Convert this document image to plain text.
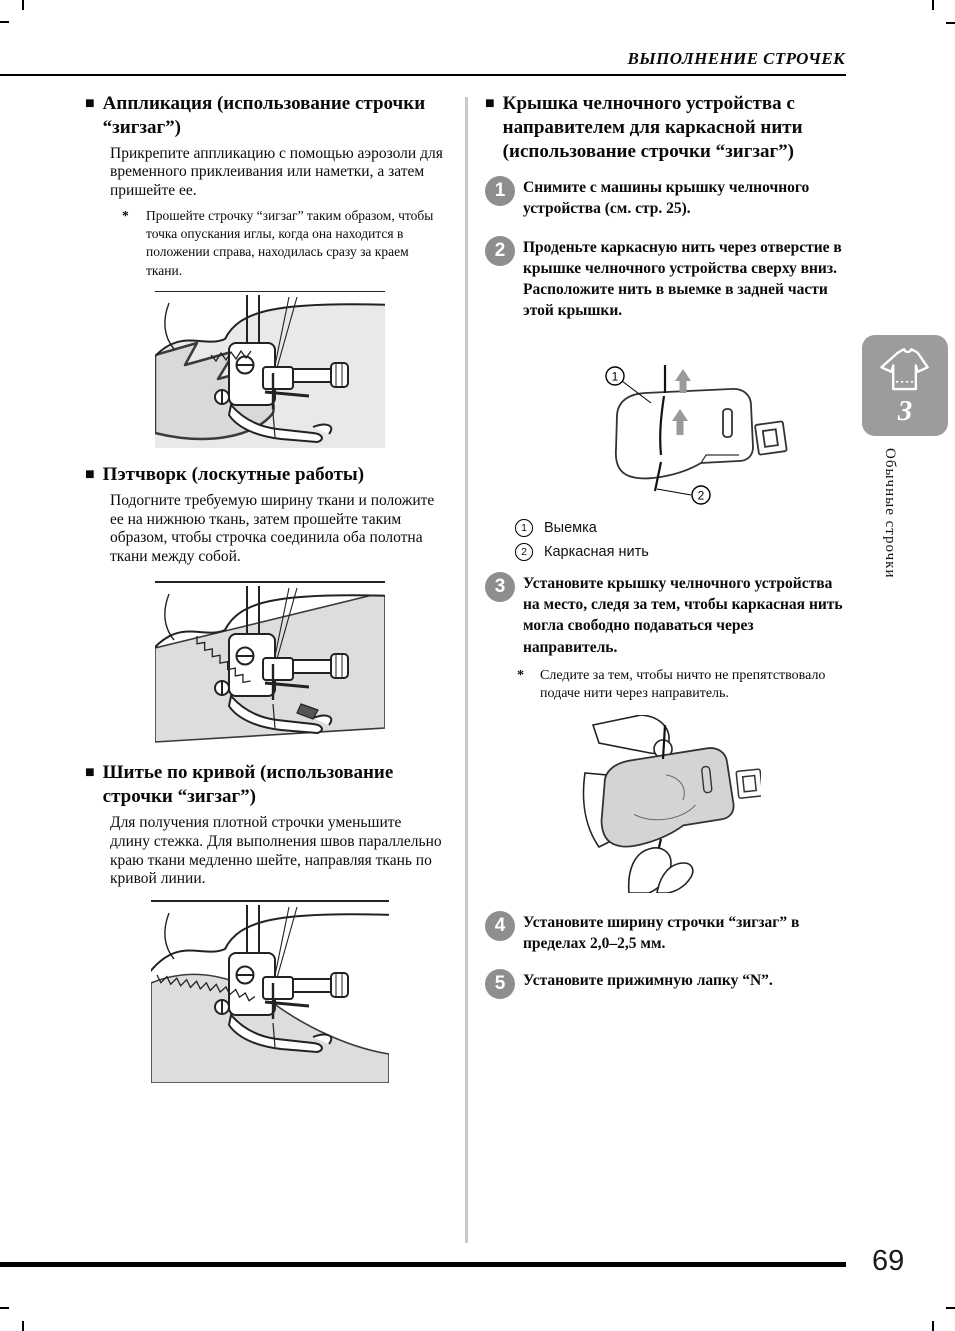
ВЫПОЛНЕНИЕ СТРОЧЕК
69
3
Обычные строчки
■ Аппликация (использование строчки “зигзаг”)

Прикрепите аппликацию с помощью аэрозоли для временного приклеивания или наметки, а затем пришейте ее.

*	Прошейте строчку “зигзаг” таким образом, чтобы точка опускания иглы, когда она находится в положении справа, находилась сразу за краем ткани.
■ Пэтчворк (лоскутные работы)

Подогните требуемую ширину ткани и положите ее на нижнюю ткань, затем прошейте таким образом, чтобы строчка соединила оба полотна ткани между собой.

■ Шитье по кривой (использование строчки “зигзаг”)

Для получения плотной строчки уменьшите длину стежка. Для выполнения швов параллельно краю ткани медленно шейте, направляя ткань по кривой линии.

■ Крышка челночного устройства с направителем для каркасной нити (использование строчки “зигзаг”)
1	Снимите с машины крышку челночного устройства (см. стр. 25).
2	Проденьте каркасную нить через отверстие в крышке челночного устройства сверху вниз. Расположите нить в выемке в задней части этой крышки.
1
2
1	Выемка
2	Каркасная нить
3	Установите крышку челночного устройства на место, следя за тем, чтобы каркасная нить могла свободно подаваться через направитель.
*	Следите за тем, чтобы ничто не препятствовало подаче нити через направитель.
4	Установите ширину строчки “зигзаг” в пределах 2,0–2,5 мм.
5	Установите прижимную лапку “N”.
